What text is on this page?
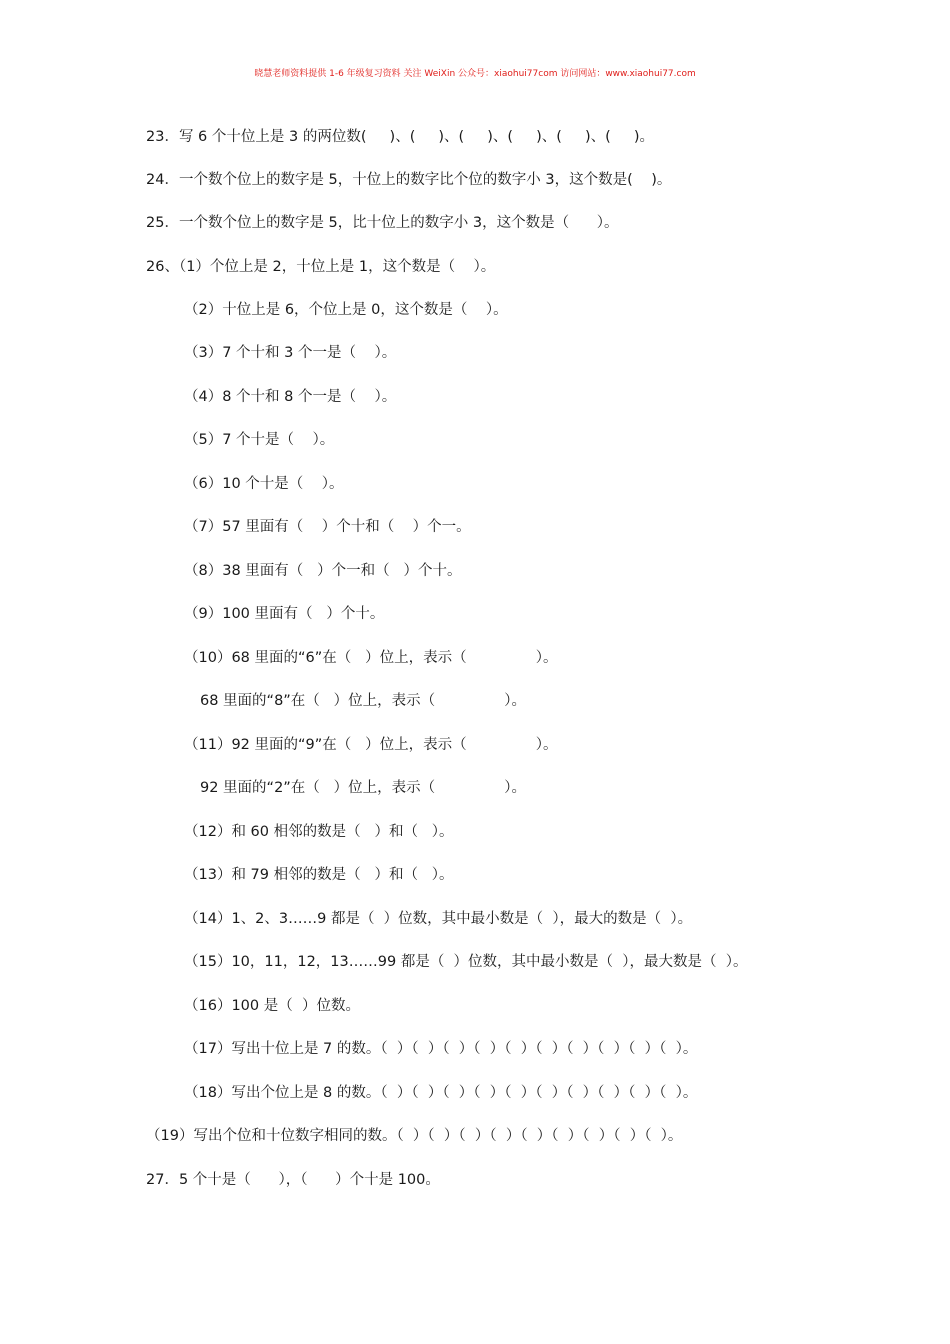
晓慧老师资料提供 1-6 年级复习资料 关注 WeiXin 公众号：xiaohui77com 访问网站：www.xiaohui77.com
23．写 6 个十位上是 3 的两位数(     )、(     )、(     )、(     )、(     )、(     )。
24．一个数个位上的数字是 5，十位上的数字比个位的数字小 3，这个数是(    )。
25．一个数个位上的数字是 5，比十位上的数字小 3，这个数是（      ）。
26、（1）个位上是 2，十位上是 1，这个数是（    ）。
（2）十位上是 6，个位上是 0，这个数是（    ）。
（3）7 个十和 3 个一是（    ）。
（4）8 个十和 8 个一是（    ）。
（5）7 个十是（    ）。
（6）10 个十是（    ）。
（7）57 里面有（    ）个十和（    ）个一。
（8）38 里面有（   ）个一和（   ）个十。
（9）100 里面有（   ）个十。
（10）68 里面的“6”在（   ）位上，表示（               ）。
68 里面的“8”在（   ）位上，表示（               ）。
（11）92 里面的“9”在（   ）位上，表示（               ）。
92 里面的“2”在（   ）位上，表示（               ）。
（12）和 60 相邻的数是（   ）和（   ）。
（13）和 79 相邻的数是（   ）和（   ）。
（14）1、2、3……9 都是（  ）位数，其中最小数是（  ），最大的数是（  ）。
（15）10，11，12，13……99 都是（  ）位数，其中最小数是（  ），最大数是（  ）。
（16）100 是（  ）位数。
（17）写出十位上是 7 的数。（  ）（  ）（  ）（  ）（  ）（  ）（  ）（  ）（  ）（  ）。
（18）写出个位上是 8 的数。（  ）（  ）（  ）（  ）（  ）（  ）（  ）（  ）（  ）（  ）。
（19）写出个位和十位数字相同的数。（  ）（  ）（  ）（  ）（  ）（  ）（  ）（  ）（  ）。
27．5 个十是（      ），（      ）个十是 100。
